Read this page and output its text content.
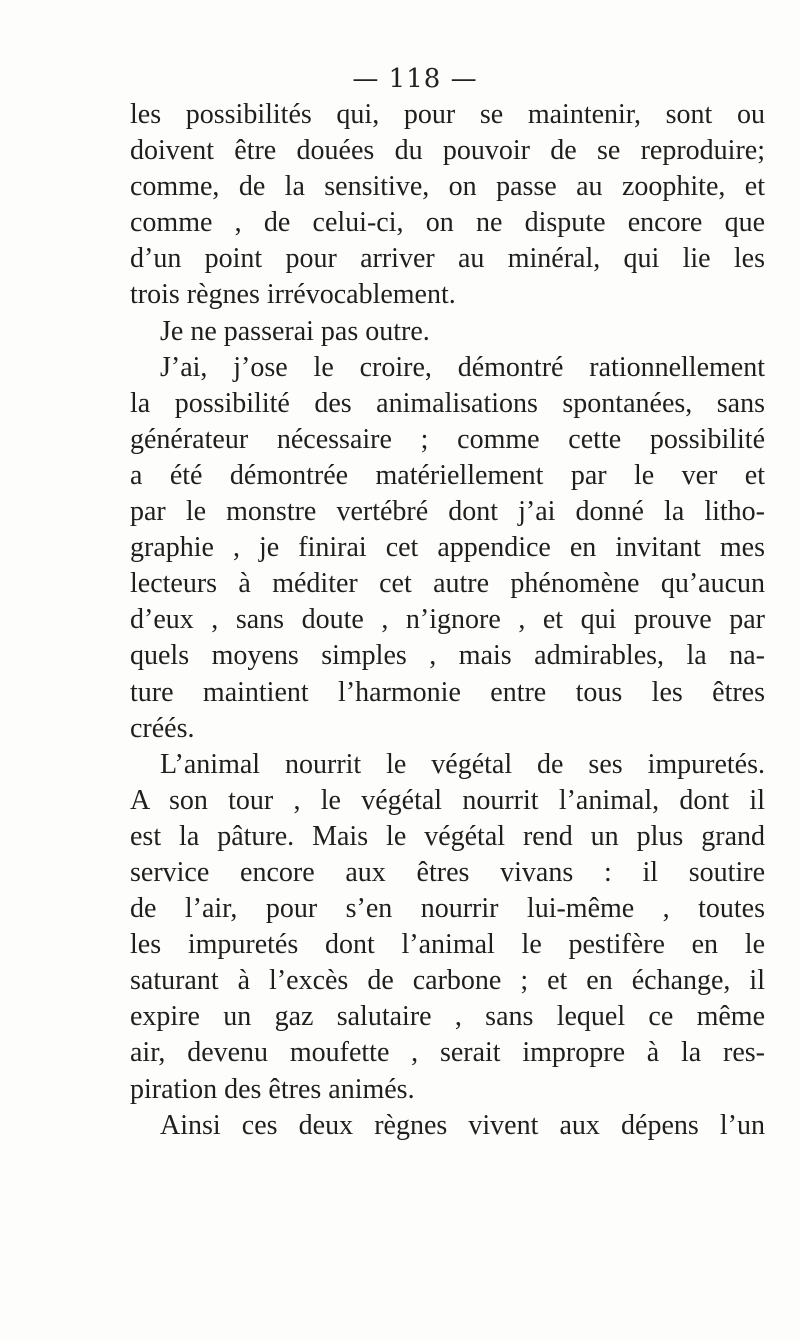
— 118 —
les possibilités qui, pour se maintenir, sont ou
doivent être douées du pouvoir de se reproduire;
comme, de la sensitive, on passe au zoophite, et
comme , de celui-ci, on ne dispute encore que
d’un point pour arriver au minéral, qui lie les
trois règnes irrévocablement.
Je ne passerai pas outre.
J’ai, j’ose le croire, démontré rationnellement
la possibilité des animalisations spontanées, sans
générateur nécessaire ; comme cette possibilité
a été démontrée matériellement par le ver et
par le monstre vertébré dont j’ai donné la litho-
graphie , je finirai cet appendice en invitant mes
lecteurs à méditer cet autre phénomène qu’aucun
d’eux , sans doute , n’ignore , et qui prouve par
quels moyens simples , mais admirables, la na-
ture maintient l’harmonie entre tous les êtres
créés.
L’animal nourrit le végétal de ses impuretés.
A son tour , le végétal nourrit l’animal, dont il
est la pâture. Mais le végétal rend un plus grand
service encore aux êtres vivans : il soutire
de l’air, pour s’en nourrir lui-même , toutes
les impuretés dont l’animal le pestifère en le
saturant à l’excès de carbone ; et en échange, il
expire un gaz salutaire , sans lequel ce même
air, devenu moufette , serait impropre à la res-
piration des êtres animés.
Ainsi ces deux règnes vivent aux dépens l’un
